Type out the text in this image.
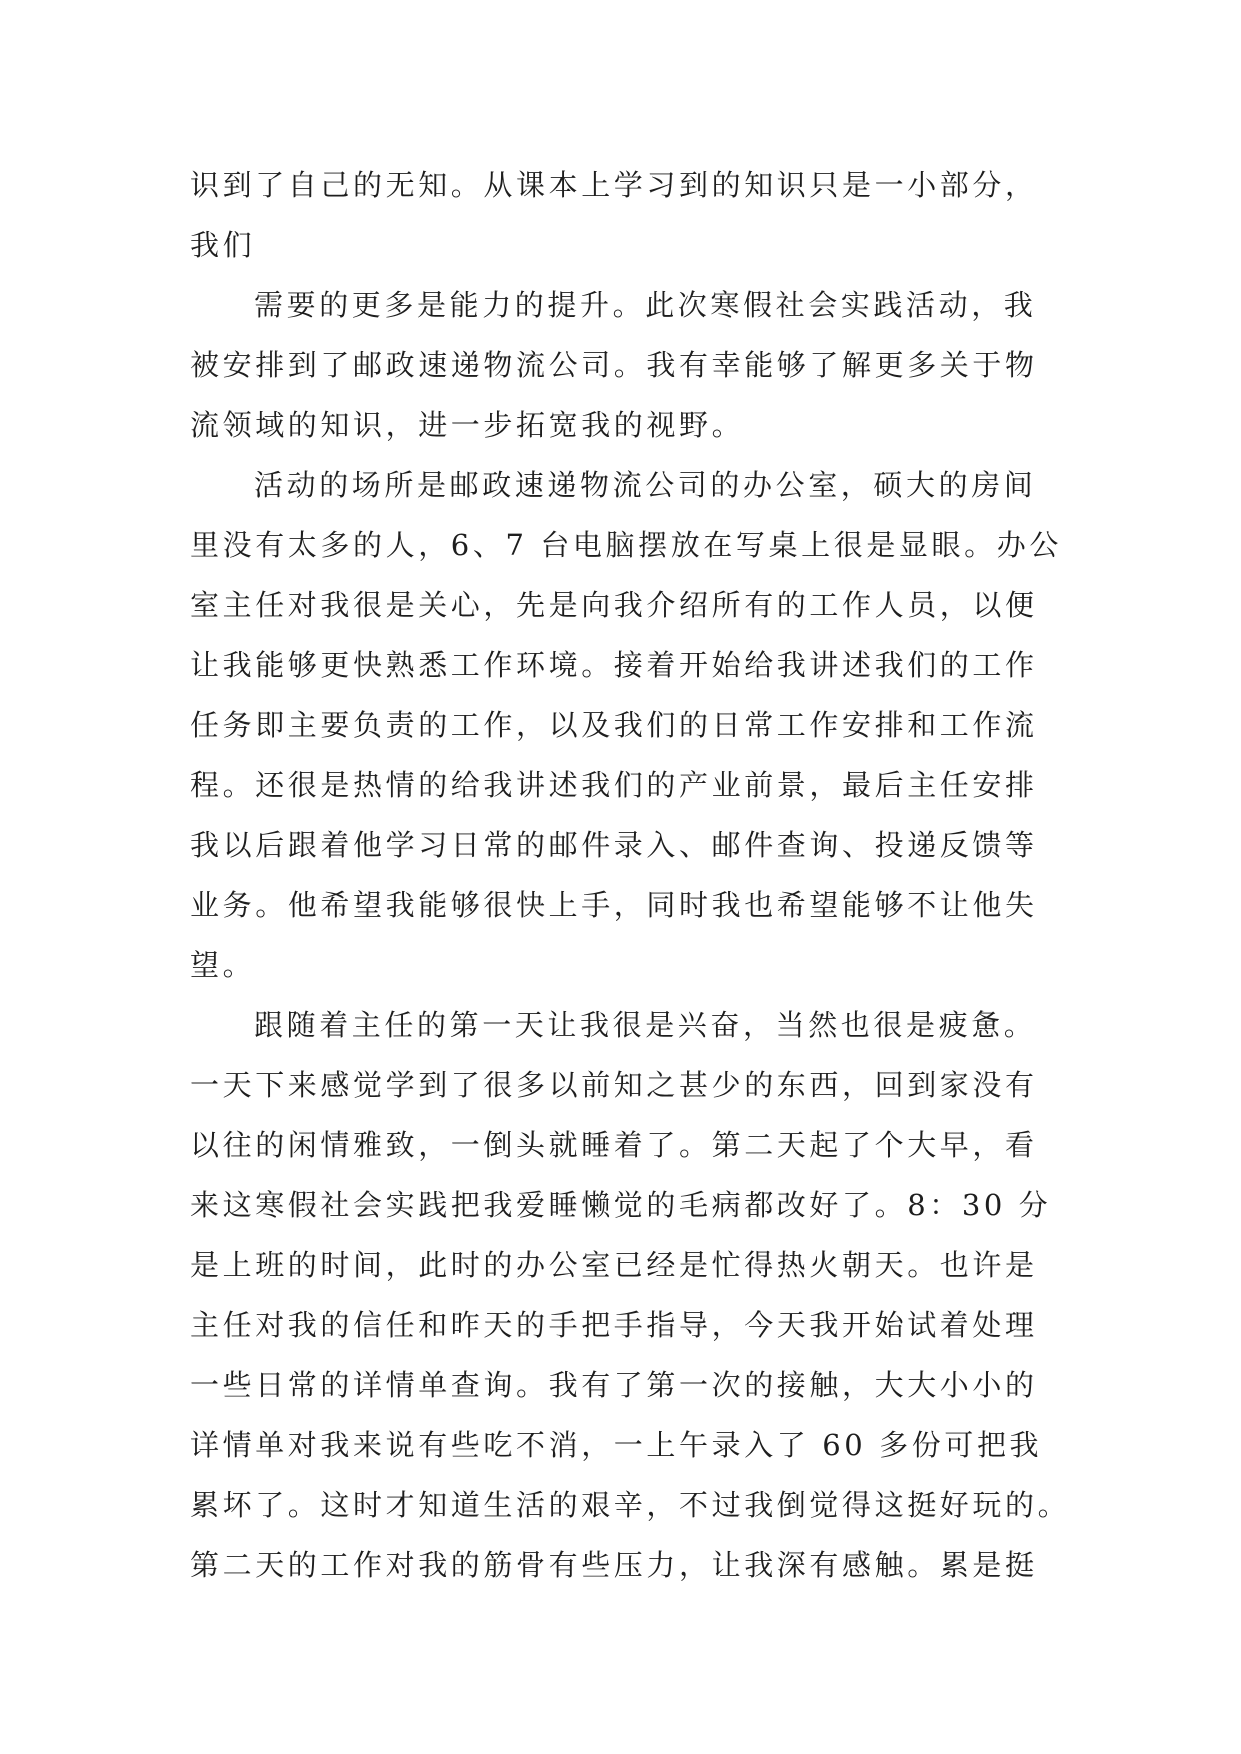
识到了自己的无知。从课本上学习到的知识只是一小部分，
我们
需要的更多是能力的提升。此次寒假社会实践活动，我
被安排到了邮政速递物流公司。我有幸能够了解更多关于物
流领域的知识，进一步拓宽我的视野。
活动的场所是邮政速递物流公司的办公室，硕大的房间
里没有太多的人，6、7 台电脑摆放在写桌上很是显眼。办公
室主任对我很是关心，先是向我介绍所有的工作人员，以便
让我能够更快熟悉工作环境。接着开始给我讲述我们的工作
任务即主要负责的工作，以及我们的日常工作安排和工作流
程。还很是热情的给我讲述我们的产业前景，最后主任安排
我以后跟着他学习日常的邮件录入、邮件查询、投递反馈等
业务。他希望我能够很快上手，同时我也希望能够不让他失
望。
跟随着主任的第一天让我很是兴奋，当然也很是疲惫。
一天下来感觉学到了很多以前知之甚少的东西，回到家没有
以往的闲情雅致，一倒头就睡着了。第二天起了个大早，看
来这寒假社会实践把我爱睡懒觉的毛病都改好了。8：30 分
是上班的时间，此时的办公室已经是忙得热火朝天。也许是
主任对我的信任和昨天的手把手指导，今天我开始试着处理
一些日常的详情单查询。我有了第一次的接触，大大小小的
详情单对我来说有些吃不消，一上午录入了 60 多份可把我
累坏了。这时才知道生活的艰辛，不过我倒觉得这挺好玩的。
第二天的工作对我的筋骨有些压力，让我深有感触。累是挺
